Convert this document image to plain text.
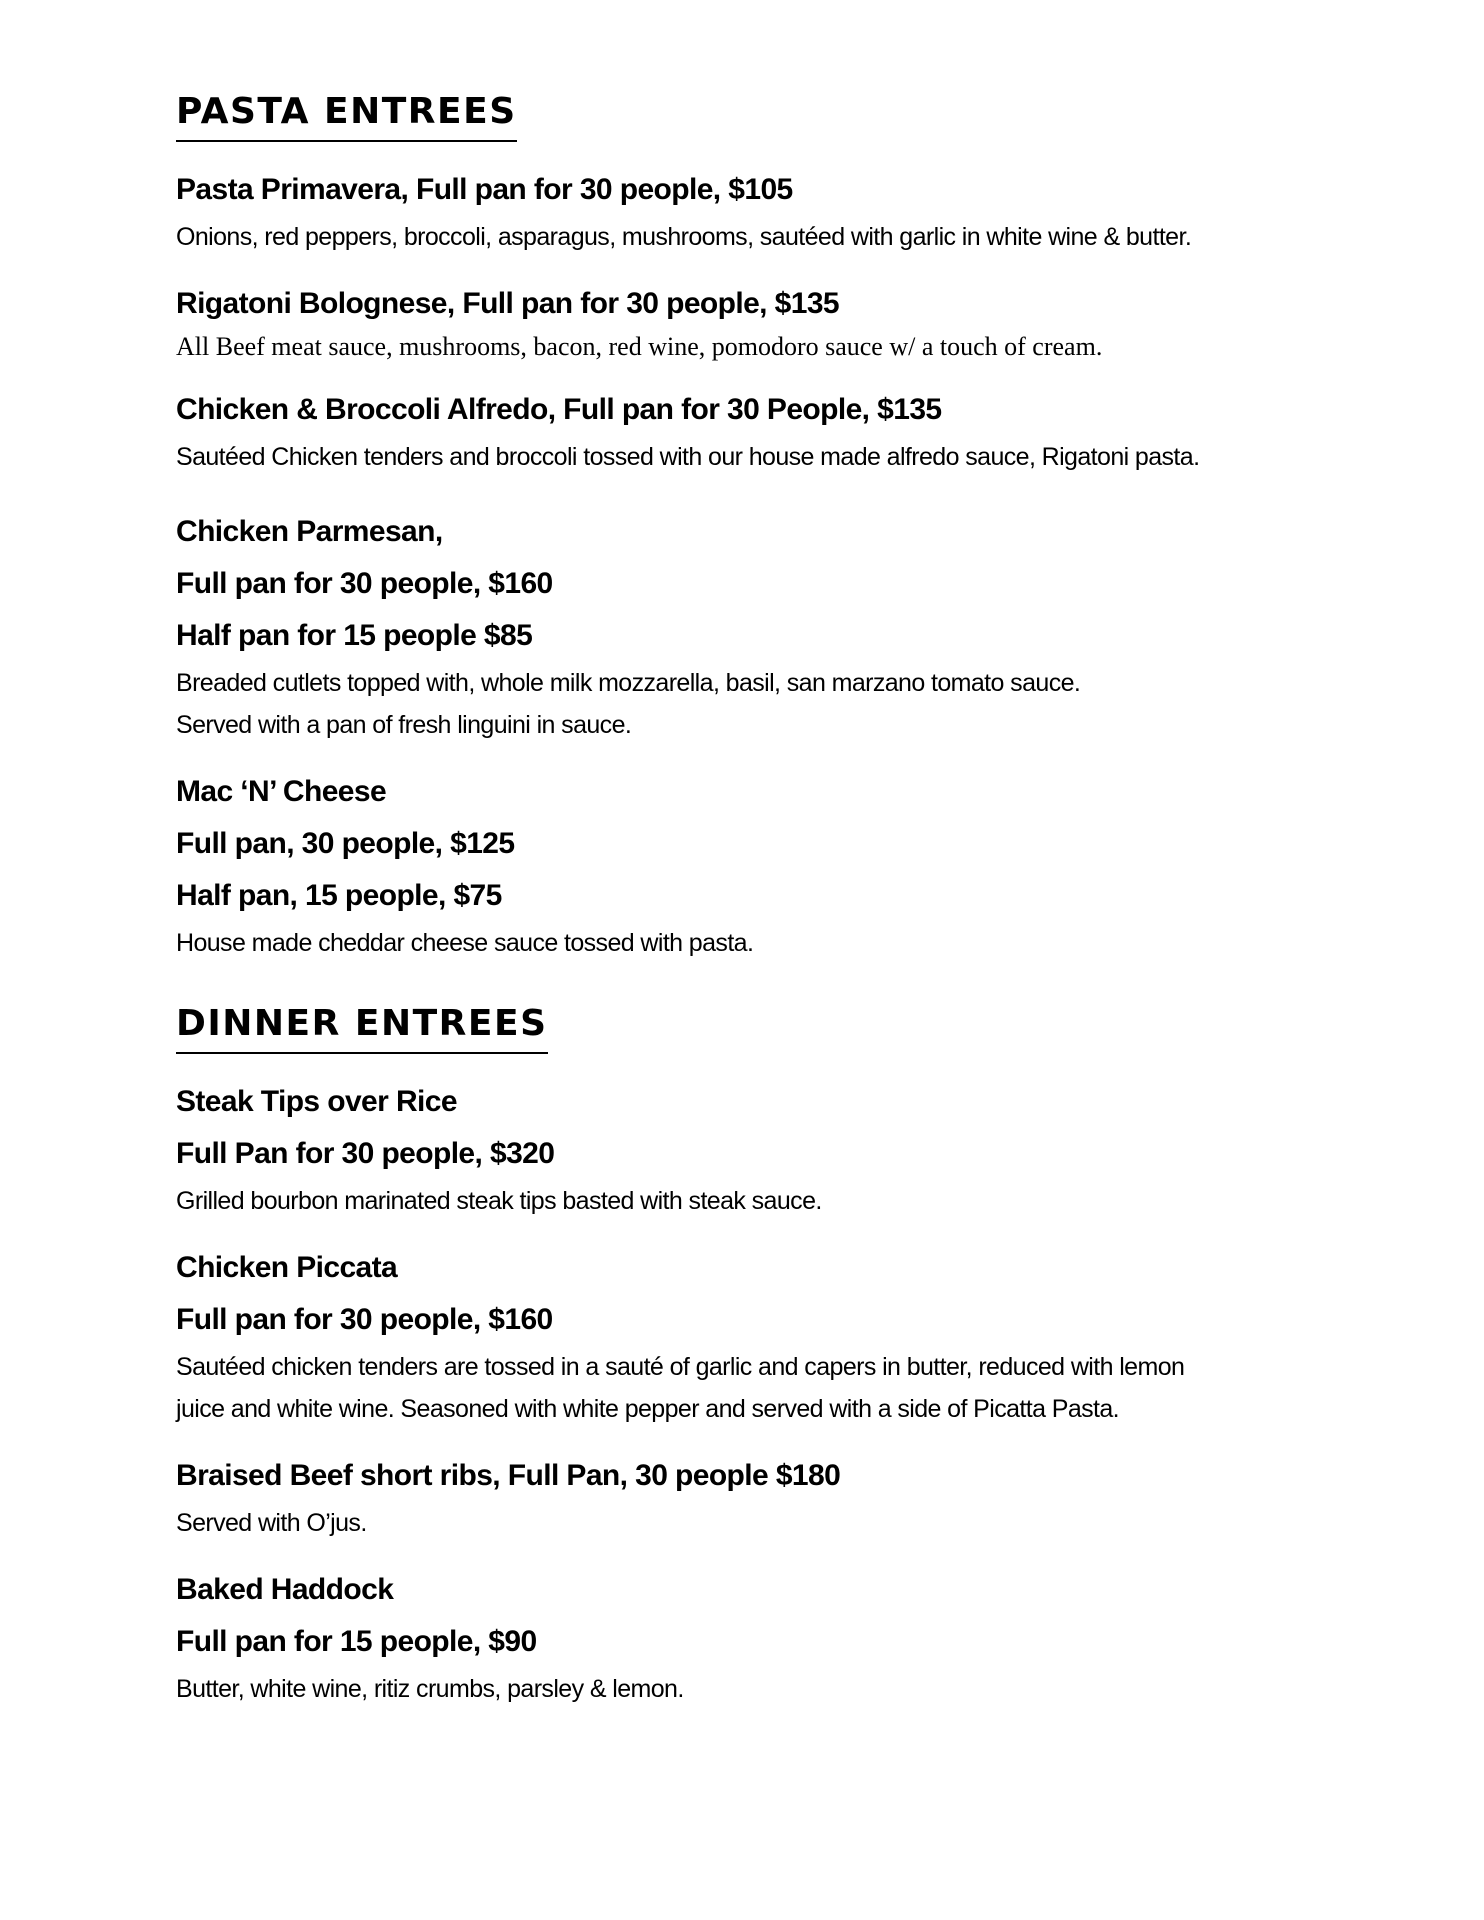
PASTA ENTREES

Pasta Primavera, Full pan for 30 people, $105

Onions, red peppers, broccoli, asparagus, mushrooms, sautéed with garlic in white wine & butter.

Rigatoni Bolognese, Full pan for 30 people, $135

All Beef meat sauce, mushrooms, bacon, red wine, pomodoro sauce w/ a touch of cream.

Chicken & Broccoli Alfredo, Full pan for 30 People, $135

Sautéed Chicken tenders and broccoli tossed with our house made alfredo sauce, Rigatoni pasta.

Chicken Parmesan,

Full pan for 30 people, $160

Half pan for 15 people $85

Breaded cutlets topped with, whole milk mozzarella, basil, san marzano tomato sauce.

Served with a pan of fresh linguini in sauce.

Mac ‘N’ Cheese

Full pan, 30 people, $125

Half pan, 15 people, $75

House made cheddar cheese sauce tossed with pasta.

DINNER ENTREES

Steak Tips over Rice

Full Pan for 30 people, $320

Grilled bourbon marinated steak tips basted with steak sauce.

Chicken Piccata

Full pan for 30 people, $160

Sautéed chicken tenders are tossed in a sauté of garlic and capers in butter, reduced with lemon

juice and white wine. Seasoned with white pepper and served with a side of Picatta Pasta.

Braised Beef short ribs, Full Pan, 30 people $180

Served with O’jus.

Baked Haddock

Full pan for 15 people, $90

Butter, white wine, ritiz crumbs, parsley & lemon.
